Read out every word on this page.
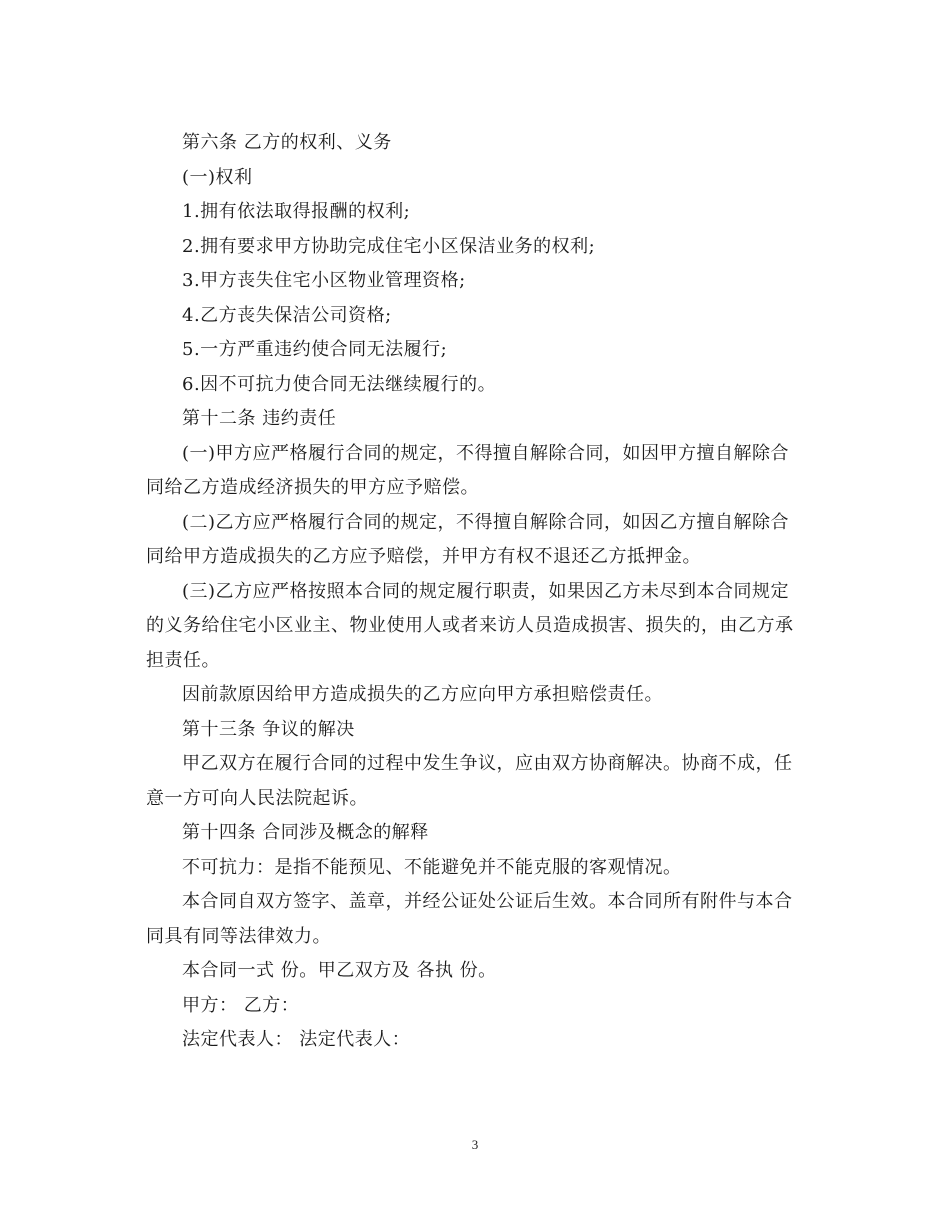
第六条 乙方的权利、义务

(一)权利

1.拥有依法取得报酬的权利;

2.拥有要求甲方协助完成住宅小区保洁业务的权利;

3.甲方丧失住宅小区物业管理资格;

4.乙方丧失保洁公司资格;

5.一方严重违约使合同无法履行;

6.因不可抗力使合同无法继续履行的。

第十二条 违约责任

(一)甲方应严格履行合同的规定，不得擅自解除合同，如因甲方擅自解除合同给乙方造成经济损失的甲方应予赔偿。

(二)乙方应严格履行合同的规定，不得擅自解除合同，如因乙方擅自解除合同给甲方造成损失的乙方应予赔偿，并甲方有权不退还乙方抵押金。

(三)乙方应严格按照本合同的规定履行职责，如果因乙方未尽到本合同规定的义务给住宅小区业主、物业使用人或者来访人员造成损害、损失的，由乙方承担责任。

因前款原因给甲方造成损失的乙方应向甲方承担赔偿责任。

第十三条 争议的解决

甲乙双方在履行合同的过程中发生争议，应由双方协商解决。协商不成，任意一方可向人民法院起诉。

第十四条 合同涉及概念的解释

不可抗力：是指不能预见、不能避免并不能克服的客观情况。

本合同自双方签字、盖章，并经公证处公证后生效。本合同所有附件与本合同具有同等法律效力。

本合同一式 份。甲乙双方及 各执 份。

甲方： 乙方：

法定代表人： 法定代表人：

3
